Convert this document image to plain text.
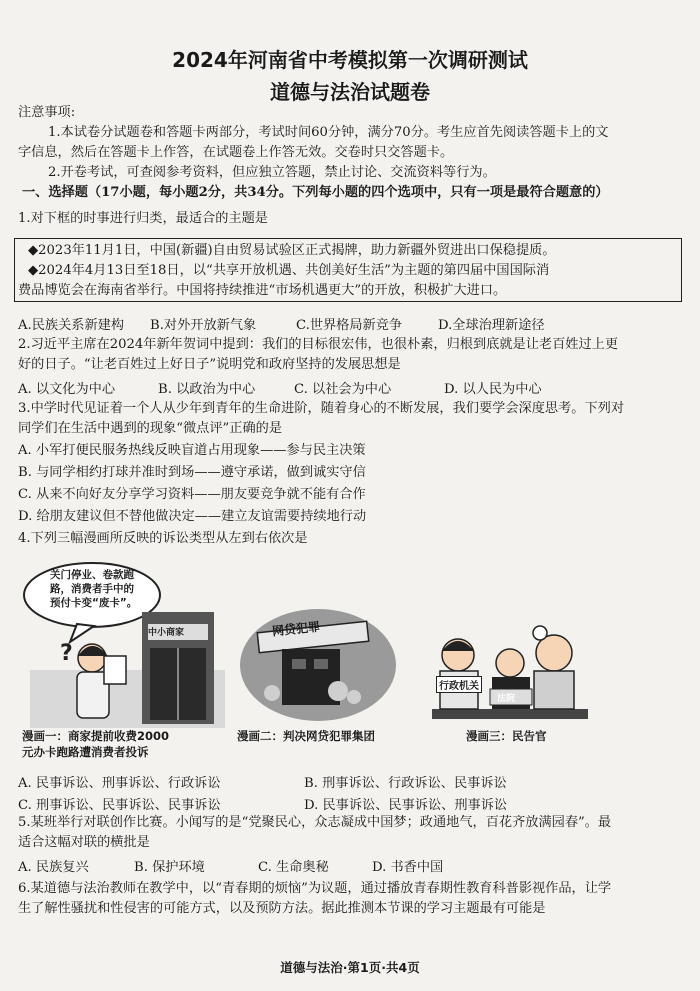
2024年河南省中考模拟第一次调研测试
道德与法治试题卷
注意事项:
1.本试卷分试题卷和答题卡两部分，考试时间60分钟，满分70分。考生应首先阅读答题卡上的文
字信息，然后在答题卡上作答，在试题卷上作答无效。交卷时只交答题卡。
2.开卷考试，可查阅参考资料，但应独立答题，禁止讨论、交流资料等行为。
一、选择题（17小题，每小题2分，共34分。下列每小题的四个选项中，只有一项是最符合题意的）
1.对下框的时事进行归类，最适合的主题是
◆2023年11月1日，中国(新疆)自由贸易试验区正式揭牌，助力新疆外贸进出口保稳提质。
◆2024年4月13日至18日，以“共享开放机遇、共创美好生活”为主题的第四届中国国际消
费品博览会在海南省举行。中国将持续推进“市场机遇更大”的开放，积极扩大进口。
A.民族关系新建构 B.对外开放新气象	C.世界格局新竞争	D.全球治理新途径
2.习近平主席在2024年新年贺词中提到：我们的目标很宏伟，也很朴素，归根到底就是让老百姓过上更
好的日子。“让老百姓过上好日子”说明党和政府坚持的发展思想是
A. 以文化为中心	B. 以政治为中心	C. 以社会为中心	D. 以人民为中心
3.中学时代见证着一个人从少年到青年的生命进阶，随着身心的不断发展，我们要学会深度思考。下列对
同学们在生活中遇到的现象“微点评”正确的是
A. 小军打便民服务热线反映盲道占用现象——参与民主决策
B. 与同学相约打球并准时到场——遵守承诺，做到诚实守信
C. 从来不向好友分享学习资料——朋友要竞争就不能有合作
D. 给朋友建议但不替他做决定——建立友谊需要持续地行动
4.下列三幅漫画所反映的诉讼类型从左到右依次是
?
关门停业、卷款跑
路，消费者手中的
预付卡变“废卡”。
中小商家
漫画一：商家提前收费2000
元办卡跑路遭消费者投诉
网贷犯罪
漫画二：判决网贷犯罪集团
行政机关
法院
漫画三：民告官
A. 民事诉讼、刑事诉讼、行政诉讼	B. 刑事诉讼、行政诉讼、民事诉讼
C. 刑事诉讼、民事诉讼、民事诉讼	D. 民事诉讼、民事诉讼、刑事诉讼
5.某班举行对联创作比赛。小闻写的是“党聚民心，众志凝成中国梦；政通地气，百花齐放满园春”。最
适合这幅对联的横批是
A. 民族复兴	B. 保护环境	C. 生命奥秘	D. 书香中国
6.某道德与法治教师在教学中，以“青春期的烦恼”为议题，通过播放青春期性教育科普影视作品，让学
生了解性骚扰和性侵害的可能方式，以及预防方法。据此推测本节课的学习主题最有可能是
道德与法治·第1页·共4页
